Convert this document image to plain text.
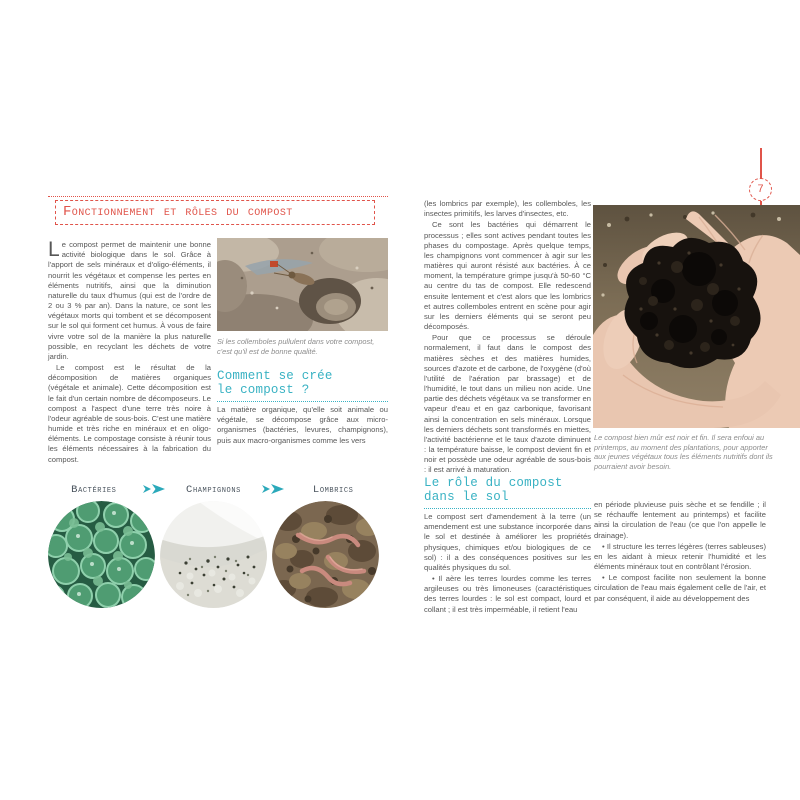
7
Fonctionnement et rôles du compost

Le compost permet de maintenir une bonne activité biologique dans le sol. Grâce à l'apport de sels minéraux et d'oligo-éléments, il nourrit les végétaux et compense les pertes en éléments nutritifs, ainsi que la diminution naturelle du taux d'humus (qui est de l'ordre de 2 ou 3 % par an). Dans la nature, ce sont les végétaux morts qui tombent et se décomposent sur le sol qui forment cet humus. À vous de faire vivre votre sol de la manière la plus naturelle possible, en recyclant les déchets de votre jardin.

Le compost est le résultat de la décomposition de matières organiques (végétale et animale). Cette décomposition est le fait d'un certain nombre de décomposeurs. Le compost a l'aspect d'une terre très noire à l'odeur agréable de sous-bois. C'est une matière humide et très riche en minéraux et en oligo-éléments. Le compostage consiste à réunir tous les éléments nécessaires à la fabrication du compost.

Si les collemboles pullulent dans votre compost, c'est qu'il est de bonne qualité.
Comment se crée
le compost ?

La matière organique, qu'elle soit animale ou végétale, se décompose grâce aux micro-organismes (bactéries, levures, champignons), puis aux macro-organismes comme les vers

Bactéries	Champignons	Lombrics

(les lombrics par exemple), les collemboles, les insectes primitifs, les larves d'insectes, etc.

Ce sont les bactéries qui démarrent le processus ; elles sont actives pendant toutes les phases du compostage. Après quelque temps, les champignons vont commencer à agir sur les matières qui auront résisté aux bactéries. À ce moment, la température grimpe jusqu'à 50-60 °C au centre du tas de compost. Elle redescend ensuite lentement et c'est alors que les lombrics et autres collemboles entrent en scène pour agir sur les derniers éléments qui se seront peu décomposés.

Pour que ce processus se déroule normalement, il faut dans le compost des matières sèches et des matières humides, sources d'azote et de carbone, de l'oxygène (d'où l'utilité de l'aération par brassage) et de l'humidité, le tout dans un milieu non acide. Une partie des déchets végétaux va se transformer en vapeur d'eau et en gaz carbonique, favorisant ainsi la concentration en sels minéraux. Lorsque les derniers déchets sont transformés en miettes, l'activité bactérienne et le taux d'azote diminuent : la température baisse, le compost devient fin et noir et possède une odeur agréable de sous-bois : il est arrivé à maturation.

Le rôle du compost
dans le sol

Le compost sert d'amendement à la terre (un amendement est une substance incorporée dans le sol et destinée à améliorer les propriétés physiques, chimiques et/ou biologiques de ce sol) : il a des conséquences positives sur les qualités physiques du sol.

• Il aère les terres lourdes comme les terres argileuses ou très limoneuses (caractéristiques des terres lourdes : le sol est compact, lourd et collant ; il est très imperméable, il retient l'eau

Le compost bien mûr est noir et fin. Il sera enfoui au printemps, au moment des plantations, pour apporter aux jeunes végétaux tous les éléments nutritifs dont ils pourraient avoir besoin.

en période pluvieuse puis sèche et se fendille ; il se réchauffe lentement au printemps) et facilite ainsi la circulation de l'eau (ce que l'on appelle le drainage).

• Il structure les terres légères (terres sableuses) en les aidant à mieux retenir l'humidité et les éléments minéraux tout en contrôlant l'érosion.

• Le compost facilite non seulement la bonne circulation de l'eau mais également celle de l'air, et par conséquent, il aide au développement des
